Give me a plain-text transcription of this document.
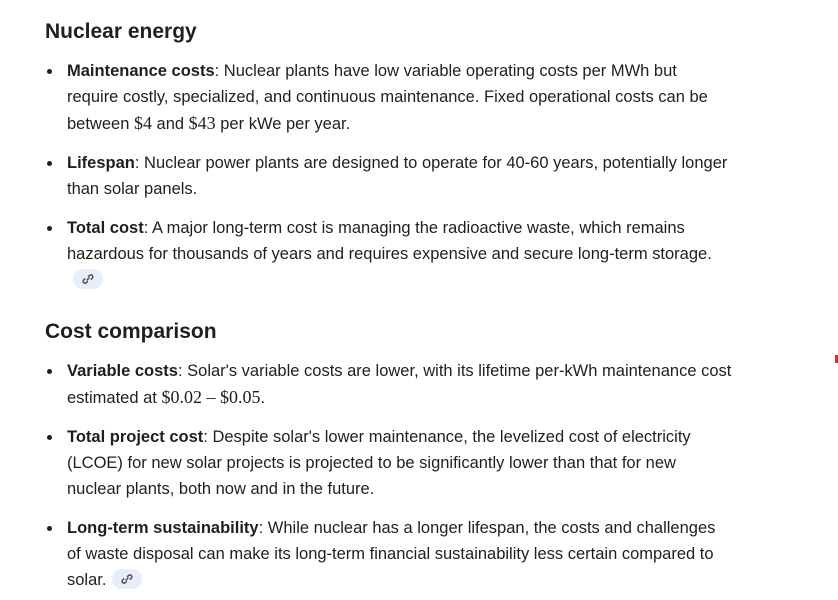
Nuclear energy
Maintenance costs: Nuclear plants have low variable operating costs per MWh but require costly, specialized, and continuous maintenance. Fixed operational costs can be between $4 and $43 per kWe per year.
Lifespan: Nuclear power plants are designed to operate for 40-60 years, potentially longer than solar panels.
Total cost: A major long-term cost is managing the radioactive waste, which remains hazardous for thousands of years and requires expensive and secure long-term storage.
Cost comparison
Variable costs: Solar's variable costs are lower, with its lifetime per-kWh maintenance cost estimated at $0.02 – $0.05.
Total project cost: Despite solar's lower maintenance, the levelized cost of electricity (LCOE) for new solar projects is projected to be significantly lower than that for new nuclear plants, both now and in the future.
Long-term sustainability: While nuclear has a longer lifespan, the costs and challenges of waste disposal can make its long-term financial sustainability less certain compared to solar.
